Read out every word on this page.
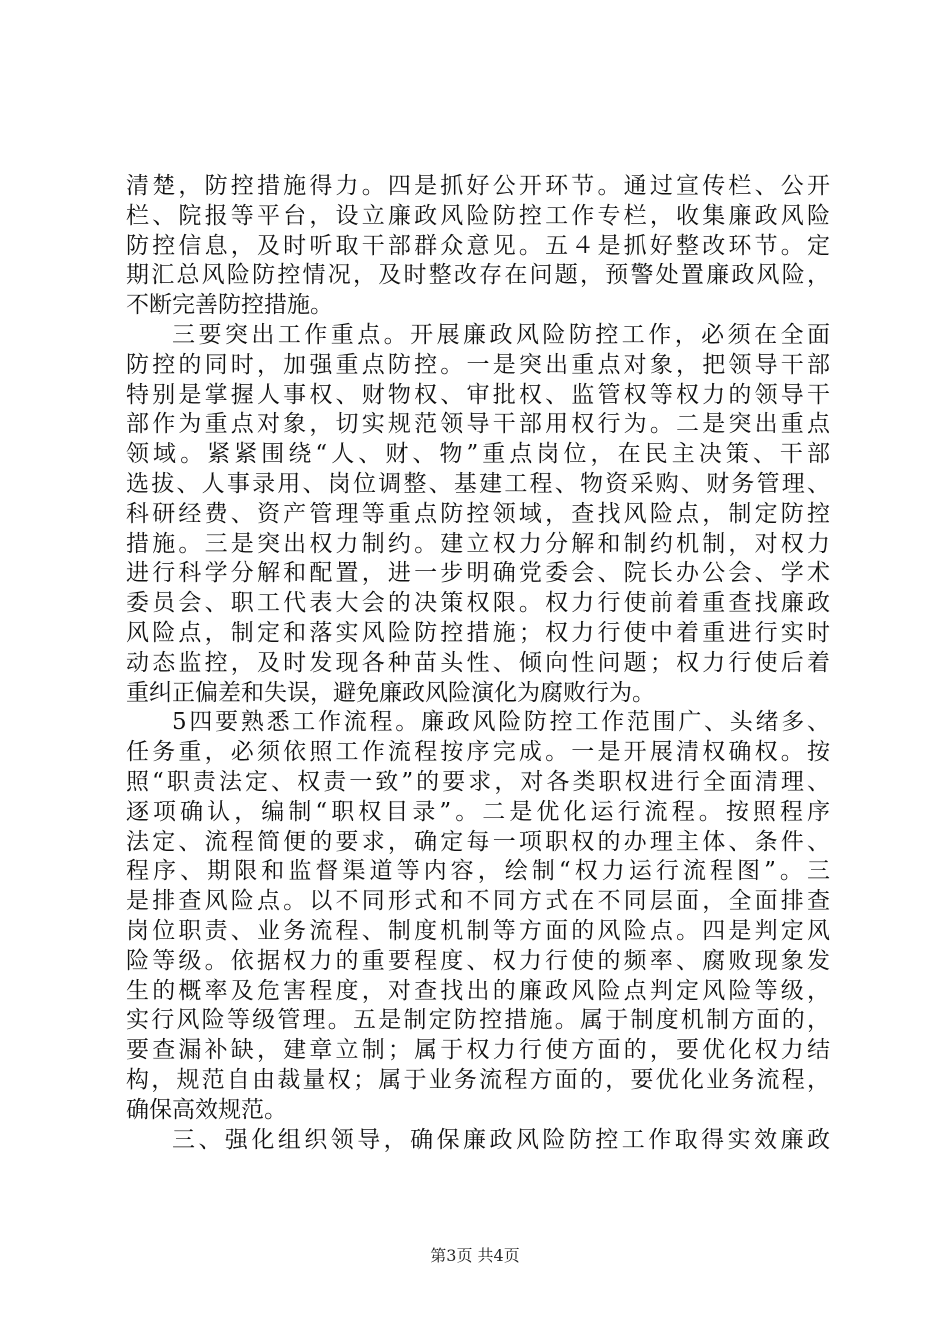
清楚，防控措施得力。四是抓好公开环节。通过宣传栏、公开
栏、院报等平台，设立廉政风险防控工作专栏，收集廉政风险
防控信息，及时听取干部群众意见。五４是抓好整改环节。定
期汇总风险防控情况，及时整改存在问题，预警处置廉政风险，
不断完善防控措施。
三要突出工作重点。开展廉政风险防控工作，必须在全面
防控的同时，加强重点防控。一是突出重点对象，把领导干部
特别是掌握人事权、财物权、审批权、监管权等权力的领导干
部作为重点对象，切实规范领导干部用权行为。二是突出重点
领域。紧紧围绕“人、财、物”重点岗位，在民主决策、干部
选拔、人事录用、岗位调整、基建工程、物资采购、财务管理、
科研经费、资产管理等重点防控领域，查找风险点，制定防控
措施。三是突出权力制约。建立权力分解和制约机制，对权力
进行科学分解和配置，进一步明确党委会、院长办公会、学术
委员会、职工代表大会的决策权限。权力行使前着重查找廉政
风险点，制定和落实风险防控措施；权力行使中着重进行实时
动态监控，及时发现各种苗头性、倾向性问题；权力行使后着
重纠正偏差和失误，避免廉政风险演化为腐败行为。
5四要熟悉工作流程。廉政风险防控工作范围广、头绪多、
任务重，必须依照工作流程按序完成。一是开展清权确权。按
照“职责法定、权责一致”的要求，对各类职权进行全面清理、
逐项确认，编制“职权目录”。二是优化运行流程。按照程序
法定、流程简便的要求，确定每一项职权的办理主体、条件、
程序、期限和监督渠道等内容，绘制“权力运行流程图”。三
是排查风险点。以不同形式和不同方式在不同层面，全面排查
岗位职责、业务流程、制度机制等方面的风险点。四是判定风
险等级。依据权力的重要程度、权力行使的频率、腐败现象发
生的概率及危害程度，对查找出的廉政风险点判定风险等级，
实行风险等级管理。五是制定防控措施。属于制度机制方面的，
要查漏补缺，建章立制；属于权力行使方面的，要优化权力结
构，规范自由裁量权；属于业务流程方面的，要优化业务流程，
确保高效规范。
三、强化组织领导，确保廉政风险防控工作取得实效廉政
第3页 共4页
